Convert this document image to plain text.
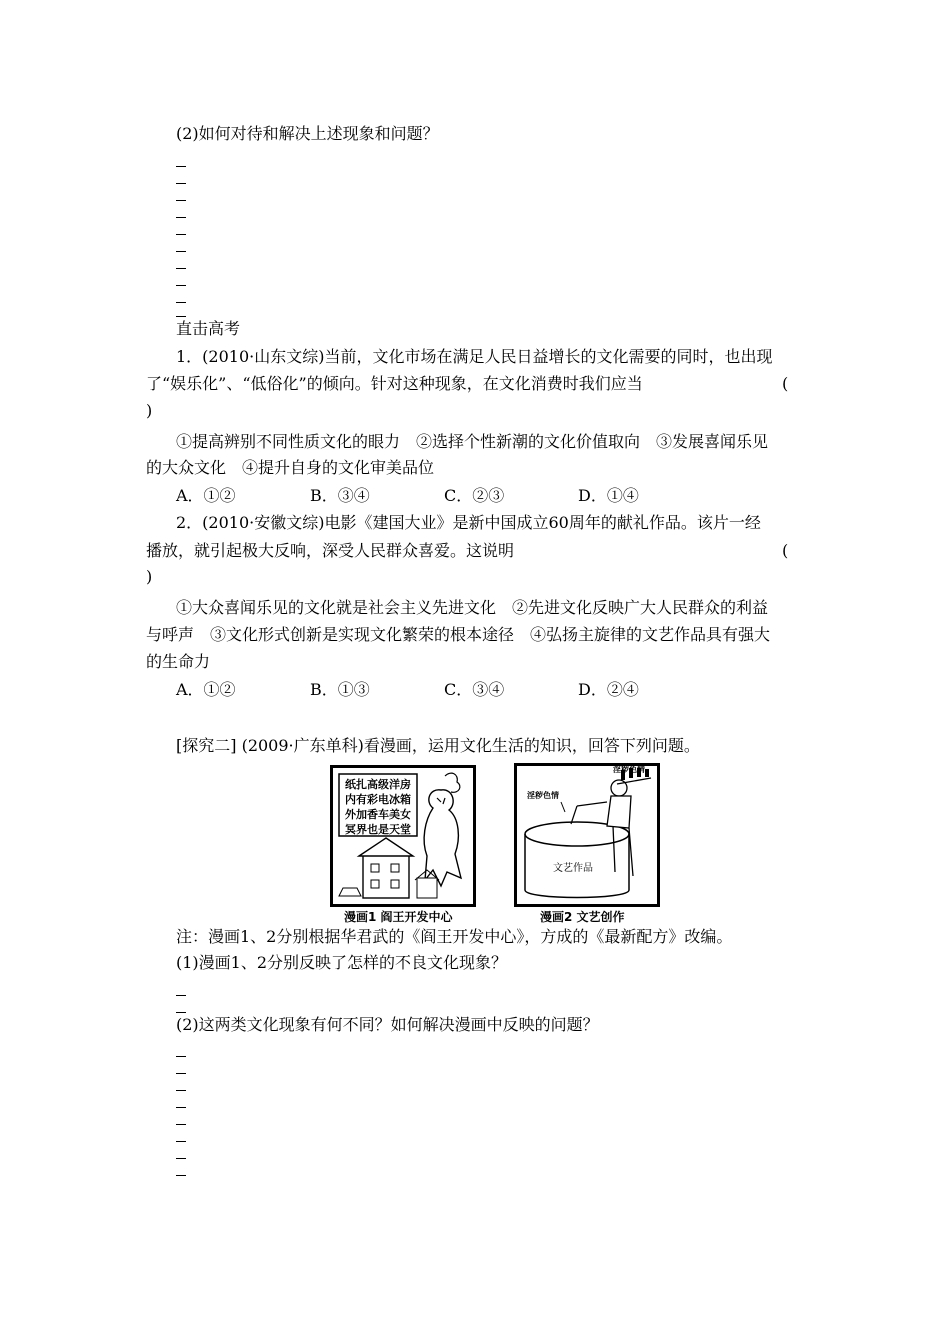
(2)如何对待和解决上述现象和问题？
直击高考
1．(2010·山东文综)当前，文化市场在满足人民日益增长的文化需要的同时，也出现
了“娱乐化”、“低俗化”的倾向。针对这种现象，在文化消费时我们应当	(
)
①提高辨别不同性质文化的眼力　②选择个性新潮的文化价值取向　③发展喜闻乐见
的大众文化　④提升自身的文化审美品位
A．①②	B．③④	C．②③	D．①④
2．(2010·安徽文综)电影《建国大业》是新中国成立60周年的献礼作品。该片一经
播放，就引起极大反响，深受人民群众喜爱。这说明	(
)
①大众喜闻乐见的文化就是社会主义先进文化　②先进文化反映广大人民群众的利益
与呼声　③文化形式创新是实现文化繁荣的根本途径　④弘扬主旋律的文艺作品具有强大
的生命力
A．①②	B．①③	C．③④	D．②④
[探究二] (2009·广东单科)看漫画，运用文化生活的知识，回答下列问题。
纸扎高级洋房
内有彩电冰箱
外加香车美女
冥界也是天堂
漫画1 阎王开发中心
淫秽色情
淫秽色情
文艺作品
漫画2 文艺创作
注：漫画1、2分别根据华君武的《阎王开发中心》，方成的《最新配方》改编。
(1)漫画1、2分别反映了怎样的不良文化现象？
(2)这两类文化现象有何不同？如何解决漫画中反映的问题？
